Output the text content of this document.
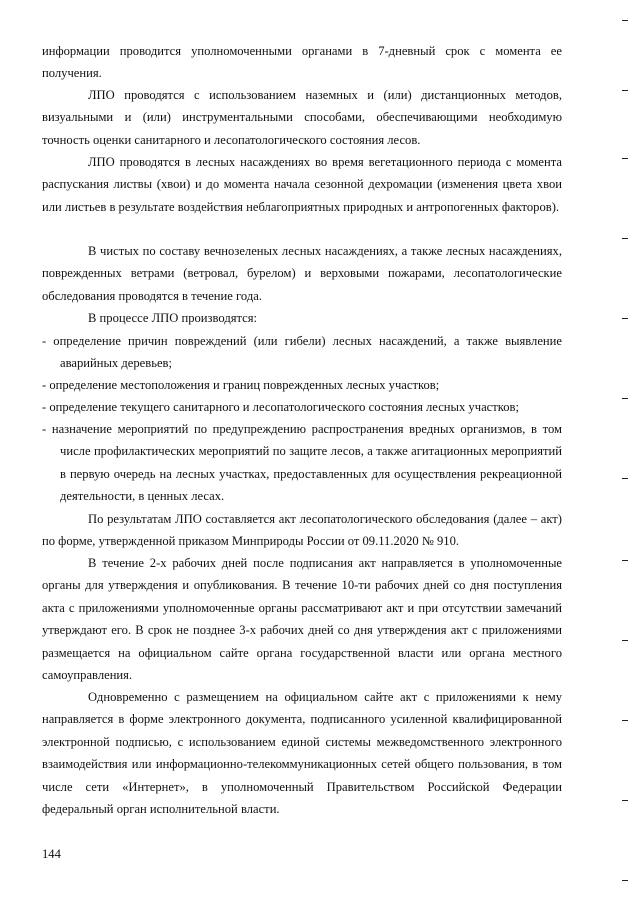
информации проводится уполномоченными органами в 7-дневный срок с момента ее получения.
ЛПО проводятся с использованием наземных и (или) дистанционных методов, визуальными и (или) инструментальными способами, обеспечивающими необходимую точность оценки санитарного и лесопатологического состояния лесов.
ЛПО проводятся в лесных насаждениях во время вегетационного периода с момента распускания листвы (хвои) и до момента начала сезонной дехромации (изменения цвета хвои или листьев в результате воздействия неблагоприятных природных и антропогенных факторов).
В чистых по составу вечнозеленых лесных насаждениях, а также лесных насаждениях, поврежденных ветрами (ветровал, бурелом) и верховыми пожарами, лесопатологические обследования проводятся в течение года.
В процессе ЛПО производятся:
- определение причин повреждений (или гибели) лесных насаждений, а также выявление аварийных деревьев;
- определение местоположения и границ поврежденных лесных участков;
- определение текущего санитарного и лесопатологического состояния лесных участков;
- назначение мероприятий по предупреждению распространения вредных организмов, в том числе профилактических мероприятий по защите лесов, а также агитационных мероприятий в первую очередь на лесных участках, предоставленных для осуществления рекреационной деятельности, в ценных лесах.
По результатам ЛПО составляется акт лесопатологического обследования (далее – акт) по форме, утвержденной приказом Минприроды России от 09.11.2020 № 910.
В течение 2-х рабочих дней после подписания акт направляется в уполномоченные органы для утверждения и опубликования. В течение 10-ти рабочих дней со дня поступления акта с приложениями уполномоченные органы рассматривают акт и при отсутствии замечаний утверждают его. В срок не позднее 3-х рабочих дней со дня утверждения акт с приложениями размещается на официальном сайте органа государственной власти или органа местного самоуправления.
Одновременно с размещением на официальном сайте акт с приложениями к нему направляется в форме электронного документа, подписанного усиленной квалифицированной электронной подписью, с использованием единой системы межведомственного электронного взаимодействия или информационно-телекоммуникационных сетей общего пользования, в том числе сети «Интернет», в уполномоченный Правительством Российской Федерации федеральный орган исполнительной власти.
144
